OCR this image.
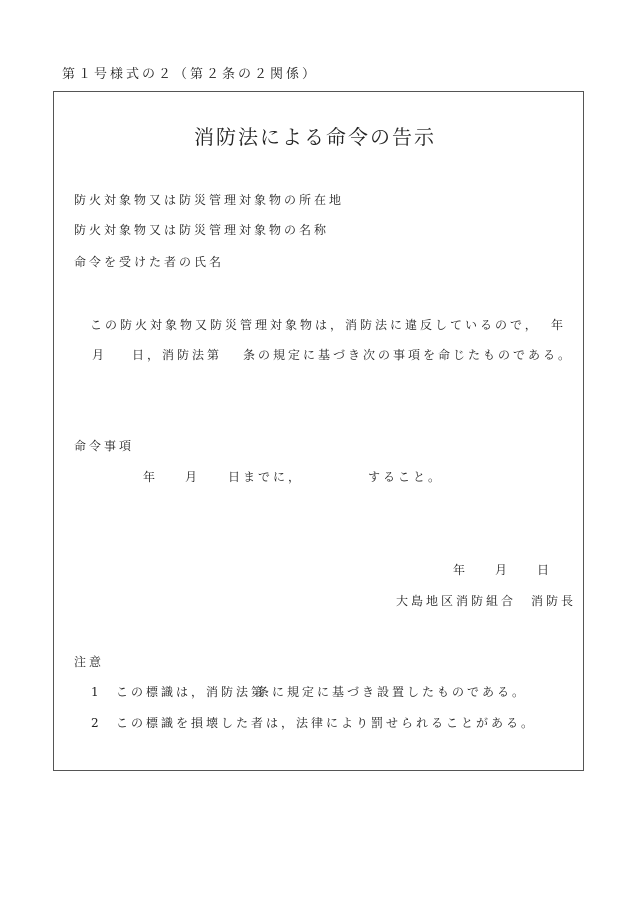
第１号様式の２（第２条の２関係）
消防法による命令の告示
防火対象物又は防災管理対象物の所在地
防火対象物又は防災管理対象物の名称
命令を受けた者の氏名
この防火対象物又防災管理対象物は，消防法に違反しているので， 年
月 日，消防法第 条の規定に基づき次の事項を命じたものである。
命令事項
年 月 日までに，	すること。
年 月 日
大島地区消防組合　消防長
注意
1 この標識は，消防法第
条に規定に基づき設置したものである。
2 この標識を損壊した者は，法律により罰せられることがある。
